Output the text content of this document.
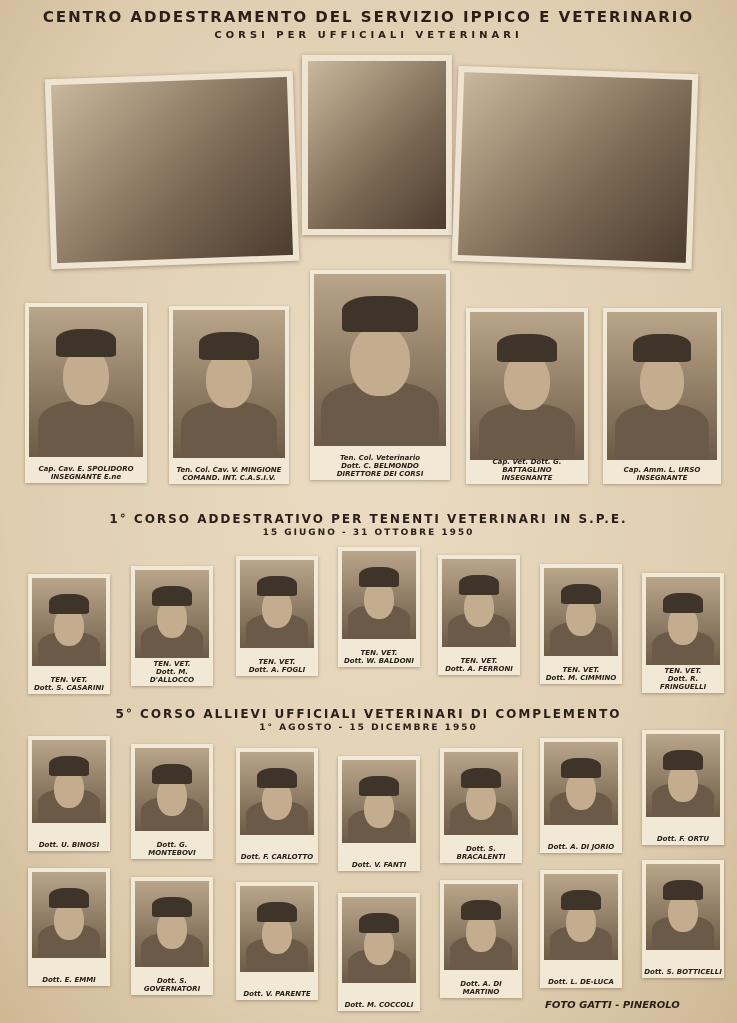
CENTRO ADDESTRAMENTO DEL SERVIZIO IPPICO E VETERINARIO
CORSI PER UFFICIALI VETERINARI
Cap. Cav. E. SPOLIDORO
INSEGNANTE E.ne
Ten. Col. Cav. V. MINGIONE
COMAND. INT. C.A.S.I.V.
Ten. Col. Veterinario
Dott. C. BELMONDO
DIRETTORE DEI CORSI
Cap. Vet. Dott. G. BATTAGLINO
INSEGNANTE
Cap. Amm. L. URSO
INSEGNANTE
1° CORSO ADDESTRATIVO PER TENENTI VETERINARI IN S.P.E.
15 GIUGNO - 31 OTTOBRE 1950
TEN. VET.
Dott. S. CASARINI
TEN. VET.
Dott. M. D'ALLOCCO
TEN. VET.
Dott. A. FOGLI
TEN. VET.
Dott. W. BALDONI	TEN. VET.
Dott. A. FERRONI	TEN. VET.
Dott. M. CIMMINO
TEN. VET.
Dott. R. FRINGUELLI
5° CORSO ALLIEVI UFFICIALI VETERINARI DI COMPLEMENTO
1° AGOSTO - 15 DICEMBRE 1950
Dott. U. BINOSI	Dott. G. MONTEBOVI	Dott. F. CARLOTTO
Dott. V. FANTI
Dott. S. BRACALENTI
Dott. A. DI JORIO
Dott. F. ORTU
Dott. E. EMMI	Dott. S. GOVERNATORI
Dott. V. PARENTE
Dott. M. COCCOLI
Dott. A. DI MARTINO
Dott. L. DE-LUCA
Dott. S. BOTTICELLI
FOTO GATTI - PINEROLO
